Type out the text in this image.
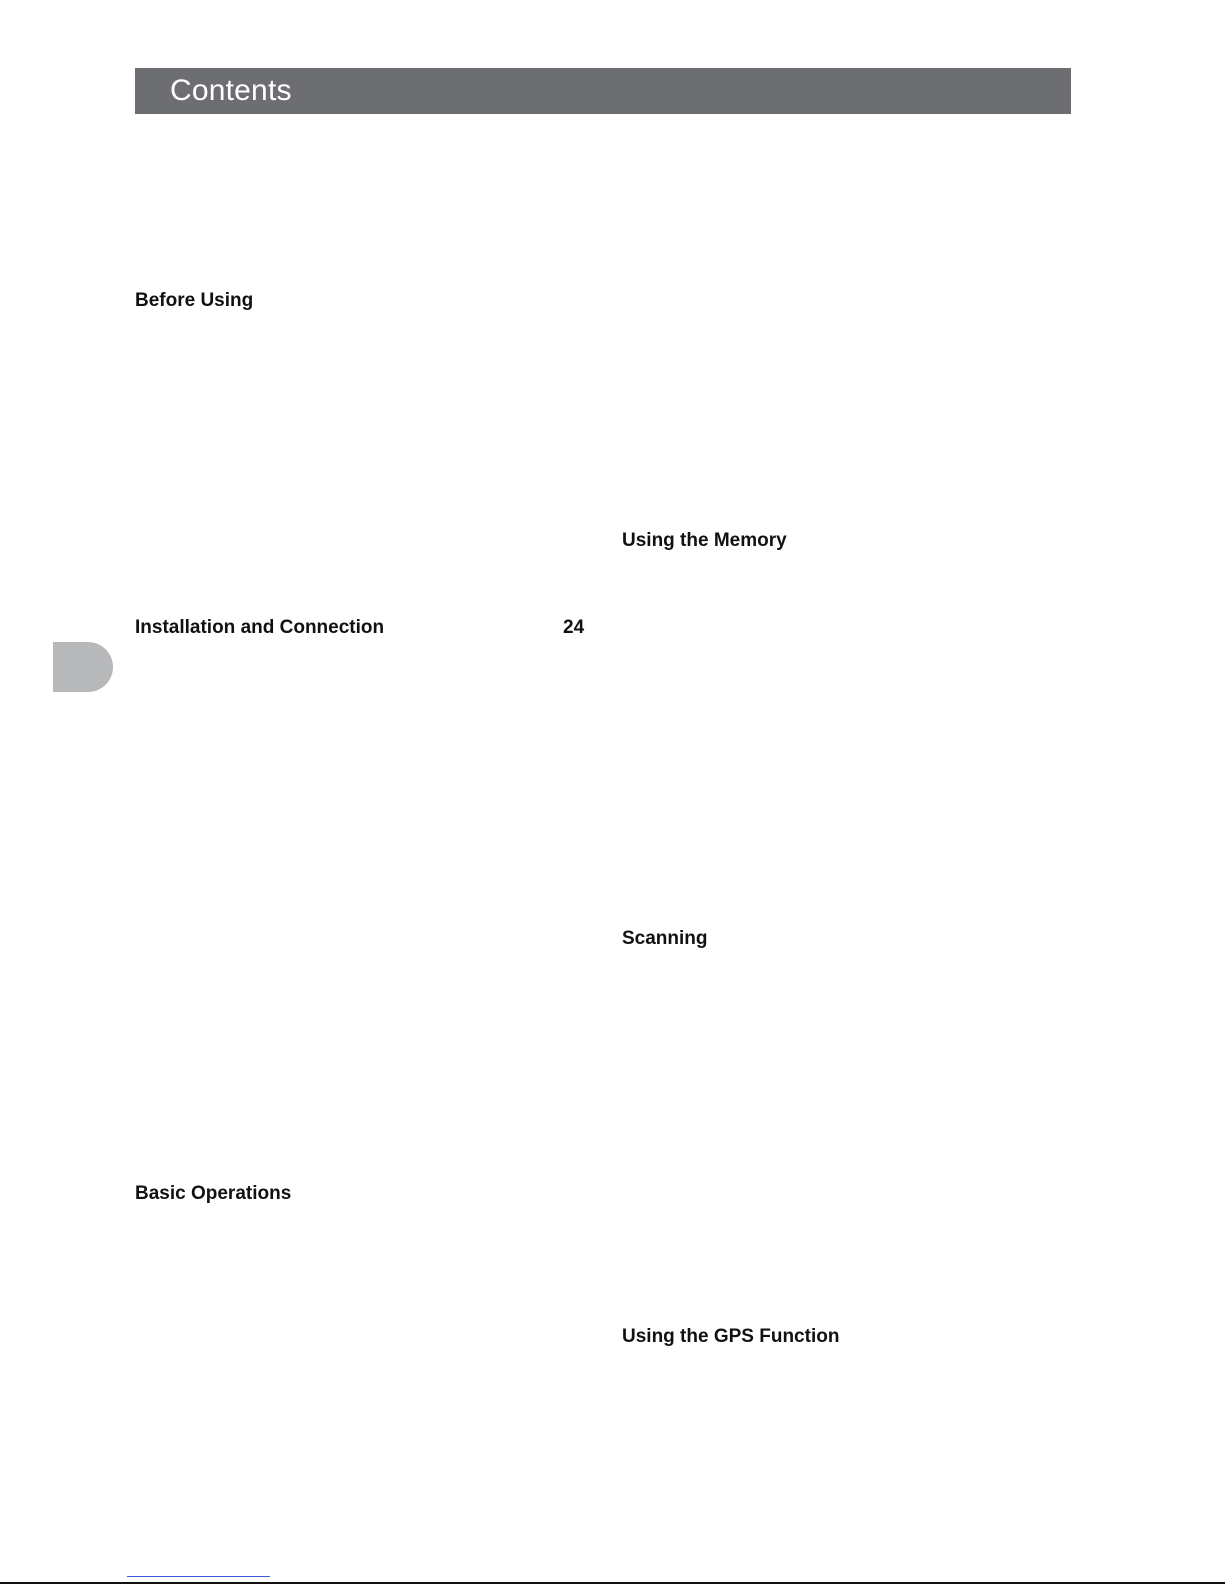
Contents
Before Using
Installation and Connection	24
Basic Operations
Using the Memory
Scanning
Using the GPS Function
